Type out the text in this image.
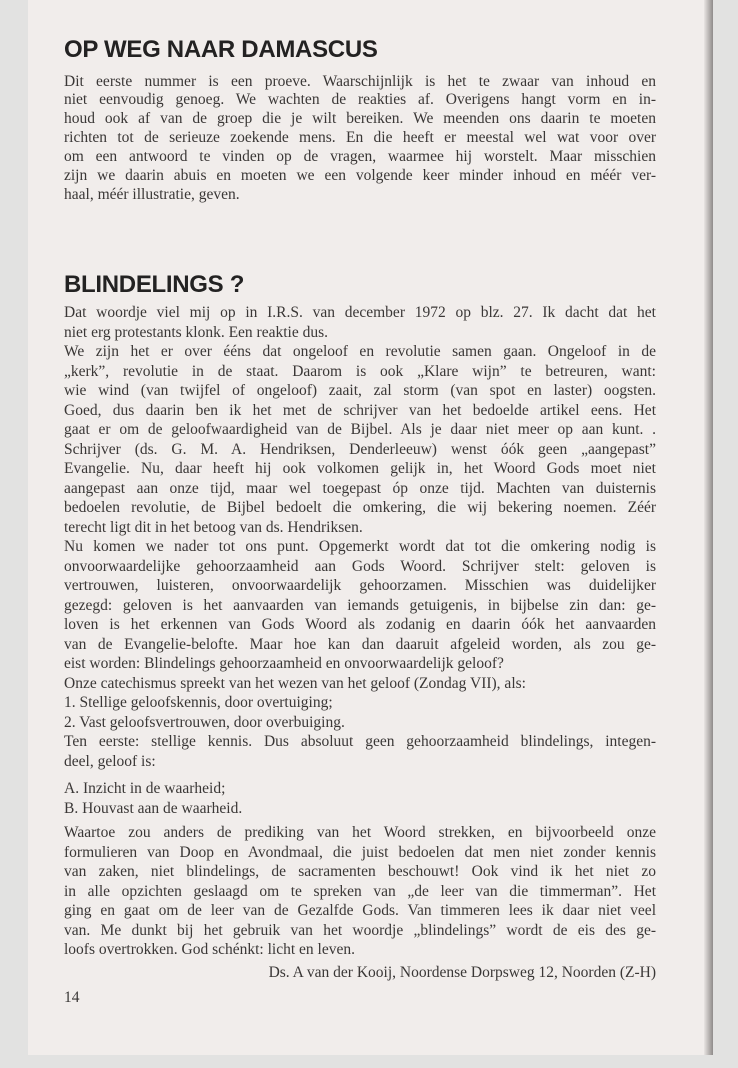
OP WEG NAAR DAMASCUS
Dit eerste nummer is een proeve. Waarschijnlijk is het te zwaar van inhoud en
niet eenvoudig genoeg. We wachten de reakties af. Overigens hangt vorm en in-
houd ook af van de groep die je wilt bereiken. We meenden ons daarin te moeten
richten tot de serieuze zoekende mens. En die heeft er meestal wel wat voor over
om een antwoord te vinden op de vragen, waarmee hij worstelt. Maar misschien
zijn we daarin abuis en moeten we een volgende keer minder inhoud en méér ver-
haal, méér illustratie, geven.
BLINDELINGS ?
Dat woordje viel mij op in I.R.S. van december 1972 op blz. 27. Ik dacht dat het
niet erg protestants klonk. Een reaktie dus.
We zijn het er over ééns dat ongeloof en revolutie samen gaan. Ongeloof in de
„kerk”, revolutie in de staat. Daarom is ook „Klare wijn” te betreuren, want:
wie wind (van twijfel of ongeloof) zaait, zal storm (van spot en laster) oogsten.
Goed, dus daarin ben ik het met de schrijver van het bedoelde artikel eens. Het
gaat er om de geloofwaardigheid van de Bijbel. Als je daar niet meer op aan kunt. .
Schrijver (ds. G. M. A. Hendriksen, Denderleeuw) wenst óók geen „aangepast”
Evangelie. Nu, daar heeft hij ook volkomen gelijk in, het Woord Gods moet niet
aangepast aan onze tijd, maar wel toegepast óp onze tijd. Machten van duisternis
bedoelen revolutie, de Bijbel bedoelt die omkering, die wij bekering noemen. Zéér
terecht ligt dit in het betoog van ds. Hendriksen.
Nu komen we nader tot ons punt. Opgemerkt wordt dat tot die omkering nodig is
onvoorwaardelijke gehoorzaamheid aan Gods Woord. Schrijver stelt: geloven is
vertrouwen, luisteren, onvoorwaardelijk gehoorzamen. Misschien was duidelijker
gezegd: geloven is het aanvaarden van iemands getuigenis, in bijbelse zin dan: ge-
loven is het erkennen van Gods Woord als zodanig en daarin óók het aanvaarden
van de Evangelie-belofte. Maar hoe kan dan daaruit afgeleid worden, als zou ge-
eist worden: Blindelings gehoorzaamheid en onvoorwaardelijk geloof?
Onze catechismus spreekt van het wezen van het geloof (Zondag VII), als:
1. Stellige geloofskennis, door overtuiging;
2. Vast geloofsvertrouwen, door overbuiging.
Ten eerste: stellige kennis. Dus absoluut geen gehoorzaamheid blindelings, integen-
deel, geloof is:
A. Inzicht in de waarheid;
B. Houvast aan de waarheid.
Waartoe zou anders de prediking van het Woord strekken, en bijvoorbeeld onze
formulieren van Doop en Avondmaal, die juist bedoelen dat men niet zonder kennis
van zaken, niet blindelings, de sacramenten beschouwt! Ook vind ik het niet zo
in alle opzichten geslaagd om te spreken van „de leer van die timmerman”. Het
ging en gaat om de leer van de Gezalfde Gods. Van timmeren lees ik daar niet veel
van. Me dunkt bij het gebruik van het woordje „blindelings” wordt de eis des ge-
loofs overtrokken. God schénkt: licht en leven.
Ds. A van der Kooij, Noordense Dorpsweg 12, Noorden (Z-H)
14
